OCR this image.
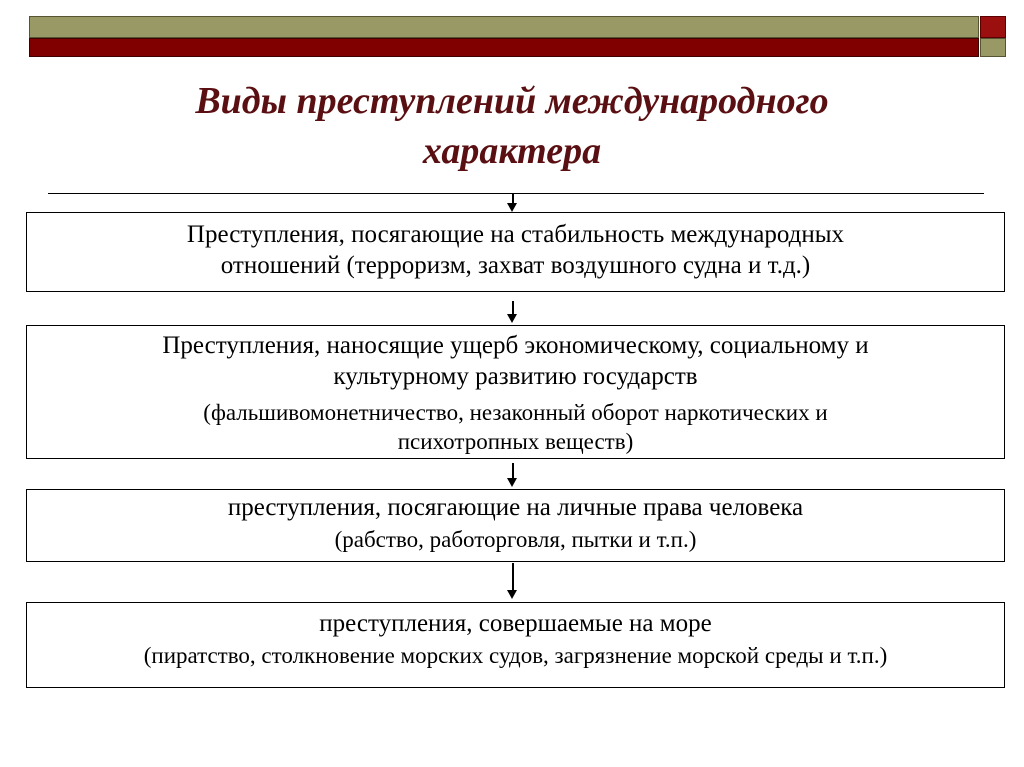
Виды преступлений международного
характера
Преступления, посягающие на стабильность международных
отношений (терроризм, захват воздушного судна и т.д.)
Преступления, наносящие ущерб экономическому, социальному и
культурному развитию государств
(фальшивомонетничество, незаконный оборот наркотических и
психотропных веществ)
преступления, посягающие на личные права человека
(рабство, работорговля, пытки и т.п.)
преступления, совершаемые на море
(пиратство, столкновение морских судов, загрязнение морской среды и т.п.)
